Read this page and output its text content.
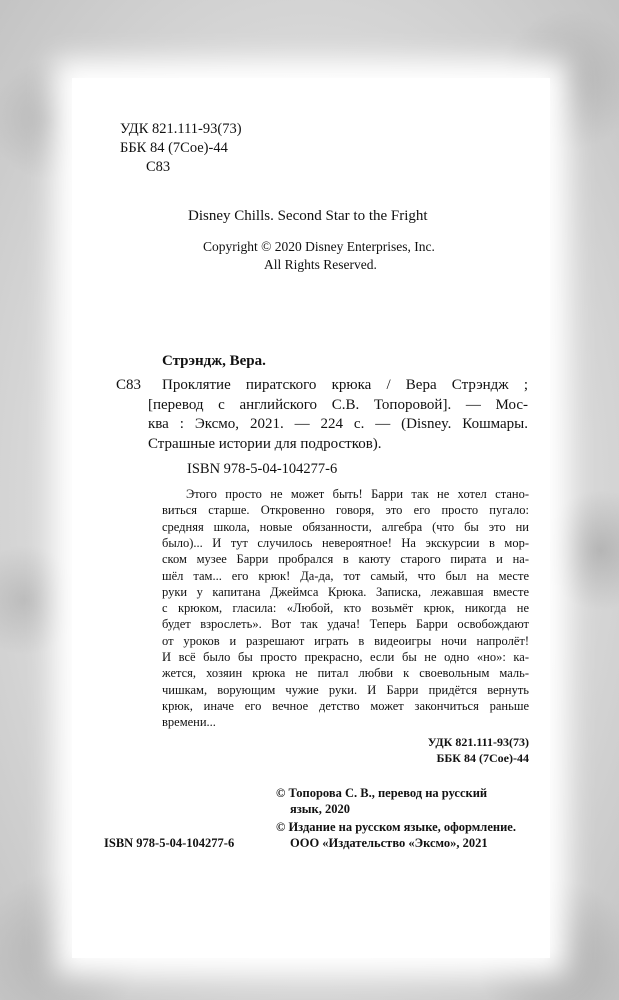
УДК 821.111-93(73)
ББК 84 (7Сое)-44
С83
Disney Chills. Second Star to the Fright
Copyright © 2020 Disney Enterprises, Inc.
All Rights Reserved.
Стрэндж, Вера.
С83 Проклятие пиратского крюка / Вера Стрэндж ;
[перевод с английского С.В. Топоровой]. — Мос-
ква : Эксмо, 2021. — 224 с. — (Disney. Кошмары.
Страшные истории для подростков).
ISBN 978-5-04-104277-6
Этого просто не может быть! Барри так не хотел стано-
виться старше. Откровенно говоря, это его просто пугало:
средняя школа, новые обязанности, алгебра (что бы это ни
было)... И тут случилось невероятное! На экскурсии в мор-
ском музее Барри пробрался в каюту старого пирата и на-
шёл там... его крюк! Да-да, тот самый, что был на месте
руки у капитана Джеймса Крюка. Записка, лежавшая вместе
с крюком, гласила: «Любой, кто возьмёт крюк, никогда не
будет взрослеть». Вот так удача! Теперь Барри освобождают
от уроков и разрешают играть в видеоигры ночи напролёт!
И всё было бы просто прекрасно, если бы не одно «но»: ка-
жется, хозяин крюка не питал любви к своевольным маль-
чишкам, ворующим чужие руки. И Барри придётся вернуть
крюк, иначе его вечное детство может закончиться раньше
времени...
УДК 821.111-93(73)
ББК 84 (7Сое)-44
© Топорова С. В., перевод на русский
язык, 2020
© Издание на русском языке, оформление.
ООО «Издательство «Эксмо», 2021
ISBN 978-5-04-104277-6
